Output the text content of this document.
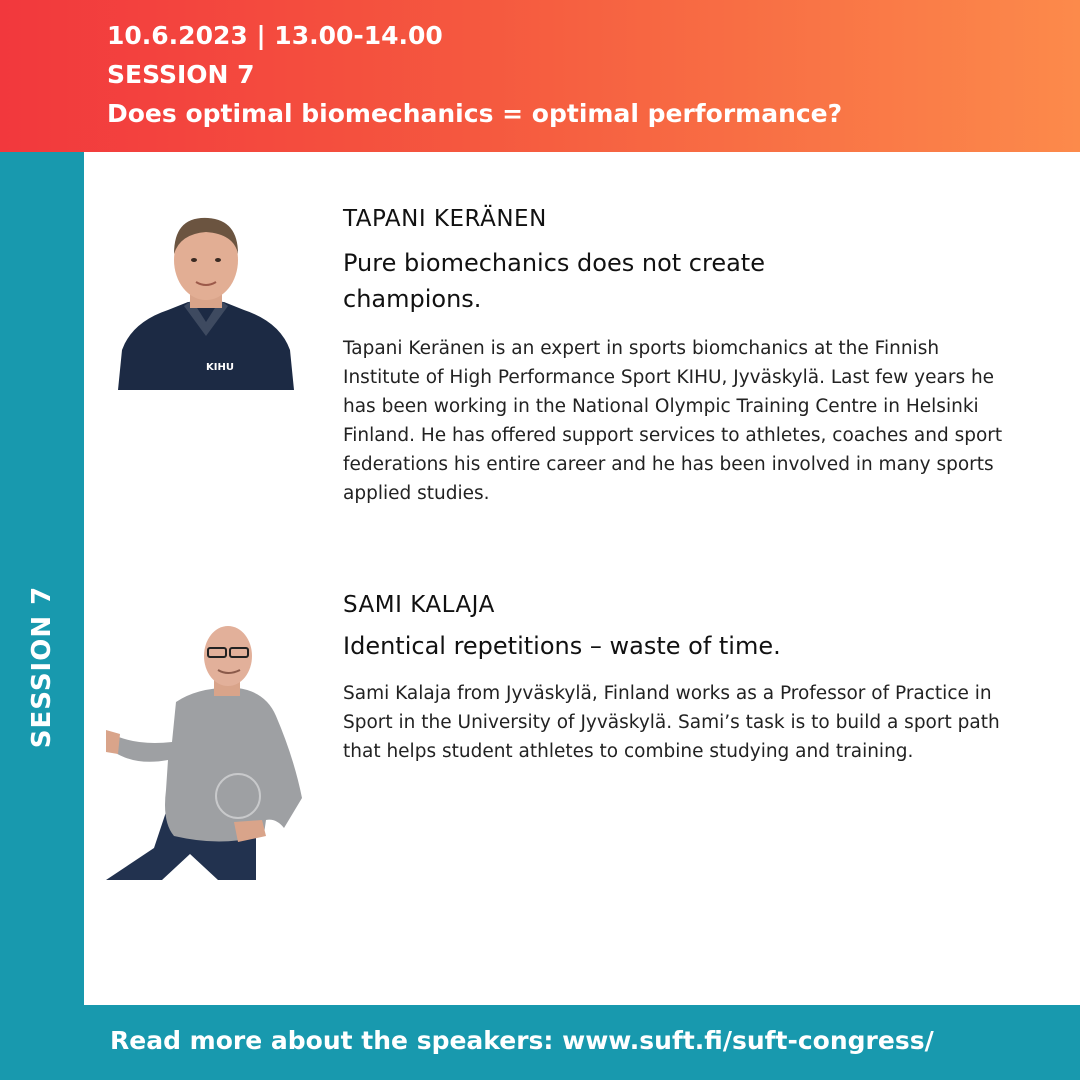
10.6.2023 | 13.00-14.00
SESSION 7
Does optimal biomechanics = optimal performance?
SESSION 7
KIHU
TAPANI KERÄNEN
Pure biomechanics does not create champions.
Tapani Keränen is an expert in sports biomchanics at the Finnish Institute of High Performance Sport KIHU, Jyväskylä. Last few years he has been working in the National Olympic Training Centre in Helsinki Finland. He has offered support services to athletes, coaches and sport federations his entire career and he has been involved in many sports applied studies.
SAMI KALAJA
Identical repetitions – waste of time.
Sami Kalaja from Jyväskylä, Finland works as a Professor of Practice in Sport in the University of Jyväskylä. Sami’s task is to build a sport path that helps student athletes to combine studying and training.
Read more about the speakers: www.suft.fi/suft-congress/
